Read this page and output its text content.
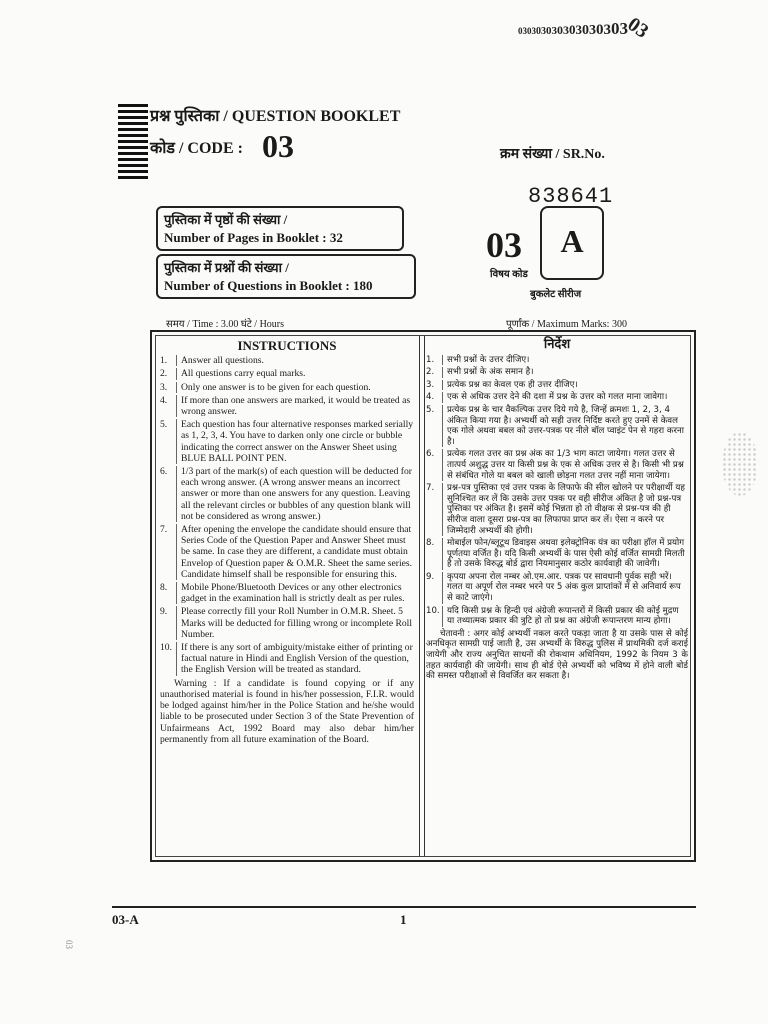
03030303030303030303
प्रश्न पुस्तिका / QUESTION BOOKLET
कोड / CODE : 03	क्रम संख्या / SR.No.
838641
पुस्तिका में पृष्ठों की संख्या /
Number of Pages in Booklet : 32
पुस्तिका में प्रश्नों की संख्या /
Number of Questions in Booklet : 180
03
विषय कोड
A
बुकलेट सीरीज
समय / Time : 3.00 घंटे / Hours	पूर्णांक / Maximum Marks: 300
INSTRUCTIONS
1.	Answer all questions.
2.	All questions carry equal marks.
3.	Only one answer is to be given for each question.
4.	If more than one answers are marked, it would be treated as wrong answer.
5.	Each question has four alternative responses marked serially as 1, 2, 3, 4. You have to darken only one circle or bubble indicating the correct answer on the Answer Sheet using BLUE BALL POINT PEN.
6.	1/3 part of the mark(s) of each question will be deducted for each wrong answer. (A wrong answer means an incorrect answer or more than one answers for any question. Leaving all the relevant circles or bubbles of any question blank will not be considered as wrong answer.)
7.	After opening the envelope the candidate should ensure that Series Code of the Question Paper and Answer Sheet must be same. In case they are different, a candidate must obtain Envelop of Question paper & O.M.R. Sheet the same series. Candidate himself shall be responsible for ensuring this.
8.	Mobile Phone/Bluetooth Devices or any other electronics gadget in the examination hall is strictly dealt as per rules.
9.	Please correctly fill your Roll Number in O.M.R. Sheet. 5 Marks will be deducted for filling wrong or incomplete Roll Number.
10. If there is any sort of ambiguity/mistake either of printing or factual nature in Hindi and English Version of the question, the English Version will be treated as standard.
Warning : If a candidate is found copying or if any unauthorised material is found in his/her possession, F.I.R. would be lodged against him/her in the Police Station and he/she would liable to be prosecuted under Section 3 of the State Prevention of Unfairmeans Act, 1992 Board may also debar him/her permanently from all future examination of the Board.
निर्देश
1.	सभी प्रश्नों के उत्तर दीजिए।
2.	सभी प्रश्नों के अंक समान है।
3.	प्रत्येक प्रश्न का केवल एक ही उत्तर दीजिए।
4.	एक से अधिक उत्तर देने की दशा में प्रश्न के उत्तर को गलत माना जावेगा।
5.	प्रत्येक प्रश्न के चार वैकल्पिक उत्तर दिये गये है, जिन्हें क्रमशः 1, 2, 3, 4 अंकित किया गया है। अभ्यर्थी को सही उत्तर निर्दिष्ट करते हुए उनमें से केवल एक गोले अथवा बबल को उत्तर-पत्रक पर नीले बॉल प्वाइंट पेन से गहरा करना है।
6.	प्रत्येक गलत उत्तर का प्रश्न अंक का 1/3 भाग काटा जायेगा। गलत उत्तर से तात्पर्य अशुद्ध उत्तर या किसी प्रश्न के एक से अधिक उत्तर से है। किसी भी प्रश्न से संबंधित गोले या बबल को खाली छोड़ना गलत उत्तर नहीं माना जायेगा।
7.	प्रश्न-पत्र पुस्तिका एवं उत्तर पत्रक के लिफाफे की सील खोलने पर परीक्षार्थी यह सुनिश्चित कर लें कि उसके उत्तर पत्रक पर वही सीरीज अंकित है जो प्रश्न-पत्र पुस्तिका पर अंकित है। इसमें कोई भिन्नता हो तो वीक्षक से प्रश्न-पत्र की ही सीरीज वाला दूसरा प्रश्न-पत्र का लिफाफा प्राप्त कर लें। ऐसा न करने पर जिम्मेदारी अभ्यर्थी की होगी।
8.	मोबाईल फोन/ब्लूटूथ डिवाइस अथवा इलेक्ट्रोनिक यंत्र का परीक्षा हॉल में प्रयोग पूर्णतया वर्जित है। यदि किसी अभ्यर्थी के पास ऐसी कोई वर्जित सामग्री मिलती है तो उसके विरुद्ध बोर्ड द्वारा नियमानुसार कठोर कार्यवाही की जावेगी।
9.	कृपया अपना रोल नम्बर ओ.एम.आर. पत्रक पर सावधानी पूर्वक सही भरें। गलत या अपूर्ण रोल नम्बर भरने पर 5 अंक कुल प्राप्तांकों में से अनिवार्य रूप से काटे जाएंगे।
10. यदि किसी प्रश्न के हिन्दी एवं अंग्रेजी रूपान्तरों में किसी प्रकार की कोई मुद्रण या तथ्यात्मक प्रकार की त्रुटि हो तो प्रश्न का अंग्रेजी रूपान्तरण मान्य होगा।
चेतावनी : अगर कोई अभ्यर्थी नकल करते पकड़ा जाता है या उसके पास से कोई अनधिकृत सामग्री पाई जाती है, उस अभ्यर्थी के विरुद्ध पुलिस में प्राथमिकी दर्ज कराई जायेगी और राज्य अनुचित साधनों की रोकथाम अधिनियम, 1992 के नियम 3 के तहत कार्यवाही की जायेगी। साथ ही बोर्ड ऐसे अभ्यर्थी को भविष्य में होने वाली बोर्ड की समस्त परीक्षाओं से विवर्जित कर सकता है।
03-A	1
03
